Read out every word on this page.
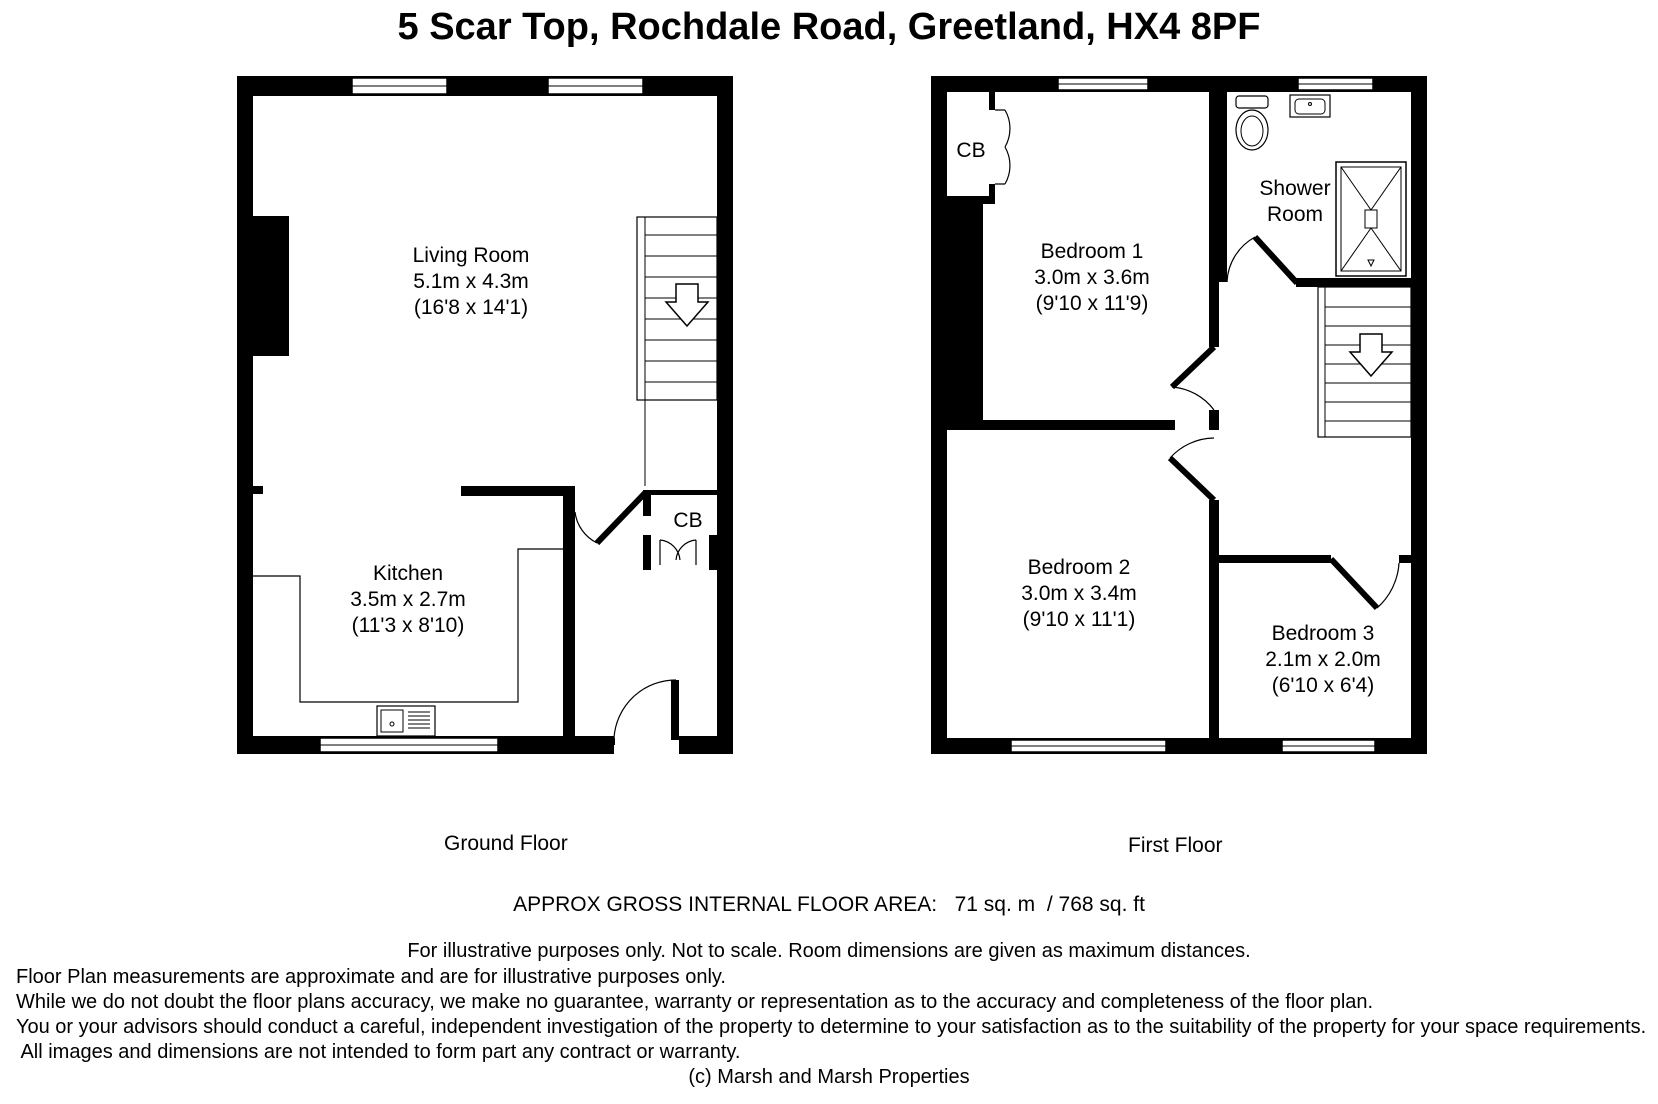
5 Scar Top, Rochdale Road, Greetland, HX4 8PF
Living Room
5.1m x 4.3m
(16'8 x 14'1)
Kitchen
3.5m x 2.7m
(11'3 x 8'10)
CB
CB
Shower
Room
Bedroom 1
3.0m x 3.6m
(9'10 x 11'9)
Bedroom 2
3.0m x 3.4m
(9'10 x 11'1)
Bedroom 3
2.1m x 2.0m
(6'10 x 6'4)
Ground Floor	First Floor
APPROX GROSS INTERNAL FLOOR AREA: 71 sq. m / 768 sq. ft
For illustrative purposes only. Not to scale. Room dimensions are given as maximum distances.
Floor Plan measurements are approximate and are for illustrative purposes only.
While we do not doubt the floor plans accuracy, we make no guarantee, warranty or representation as to the accuracy and completeness of the floor plan.
You or your advisors should conduct a careful, independent investigation of the property to determine to your satisfaction as to the suitability of the property for your space requirements.
All images and dimensions are not intended to form part any contract or warranty.
(c) Marsh and Marsh Properties
